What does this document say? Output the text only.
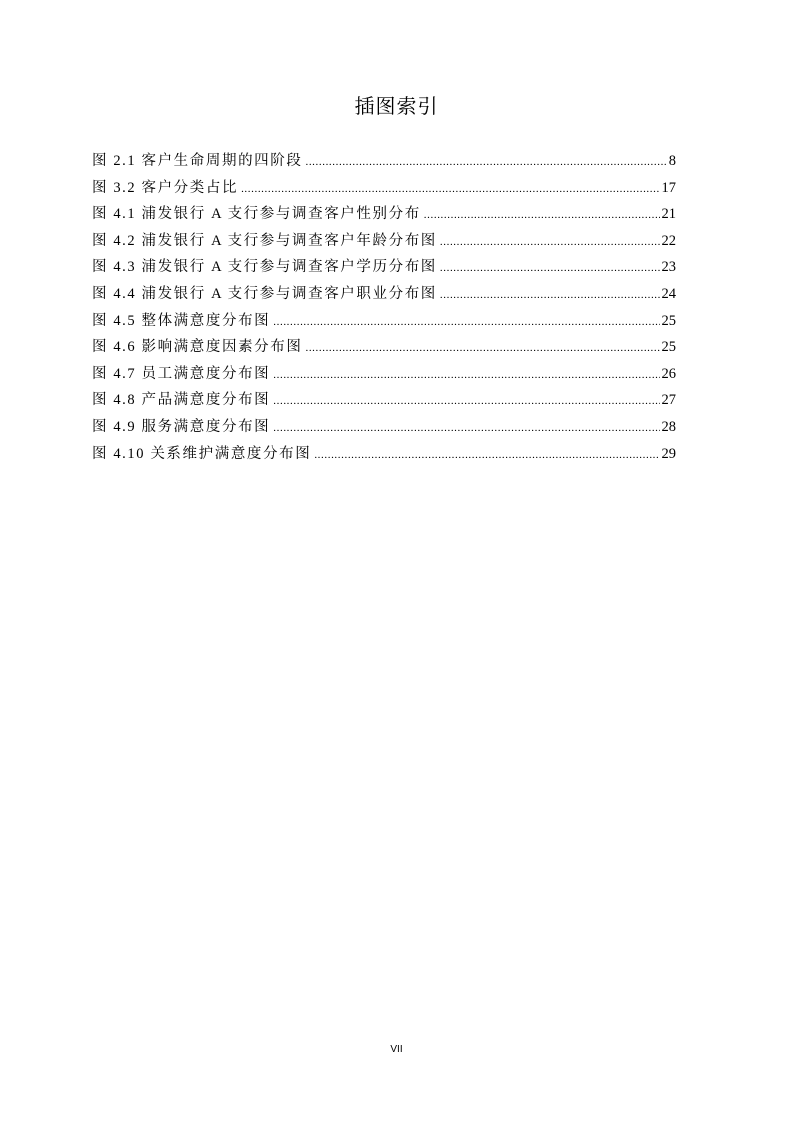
插图索引
图 2.1 客户生命周期的四阶段 .....	8
图 3.2 客户分类占比 .....	17
图 4.1 浦发银行 A 支行参与调查客户性别分布 .....	21
图 4.2 浦发银行 A 支行参与调查客户年龄分布图 .....	22
图 4.3 浦发银行 A 支行参与调查客户学历分布图 .....	23
图 4.4 浦发银行 A 支行参与调查客户职业分布图 .....	24
图 4.5 整体满意度分布图 .....	25
图 4.6 影响满意度因素分布图 .....	25
图 4.7 员工满意度分布图 .....	26
图 4.8 产品满意度分布图 .....	27
图 4.9 服务满意度分布图 .....	28
图 4.10 关系维护满意度分布图 .....	29
VII
